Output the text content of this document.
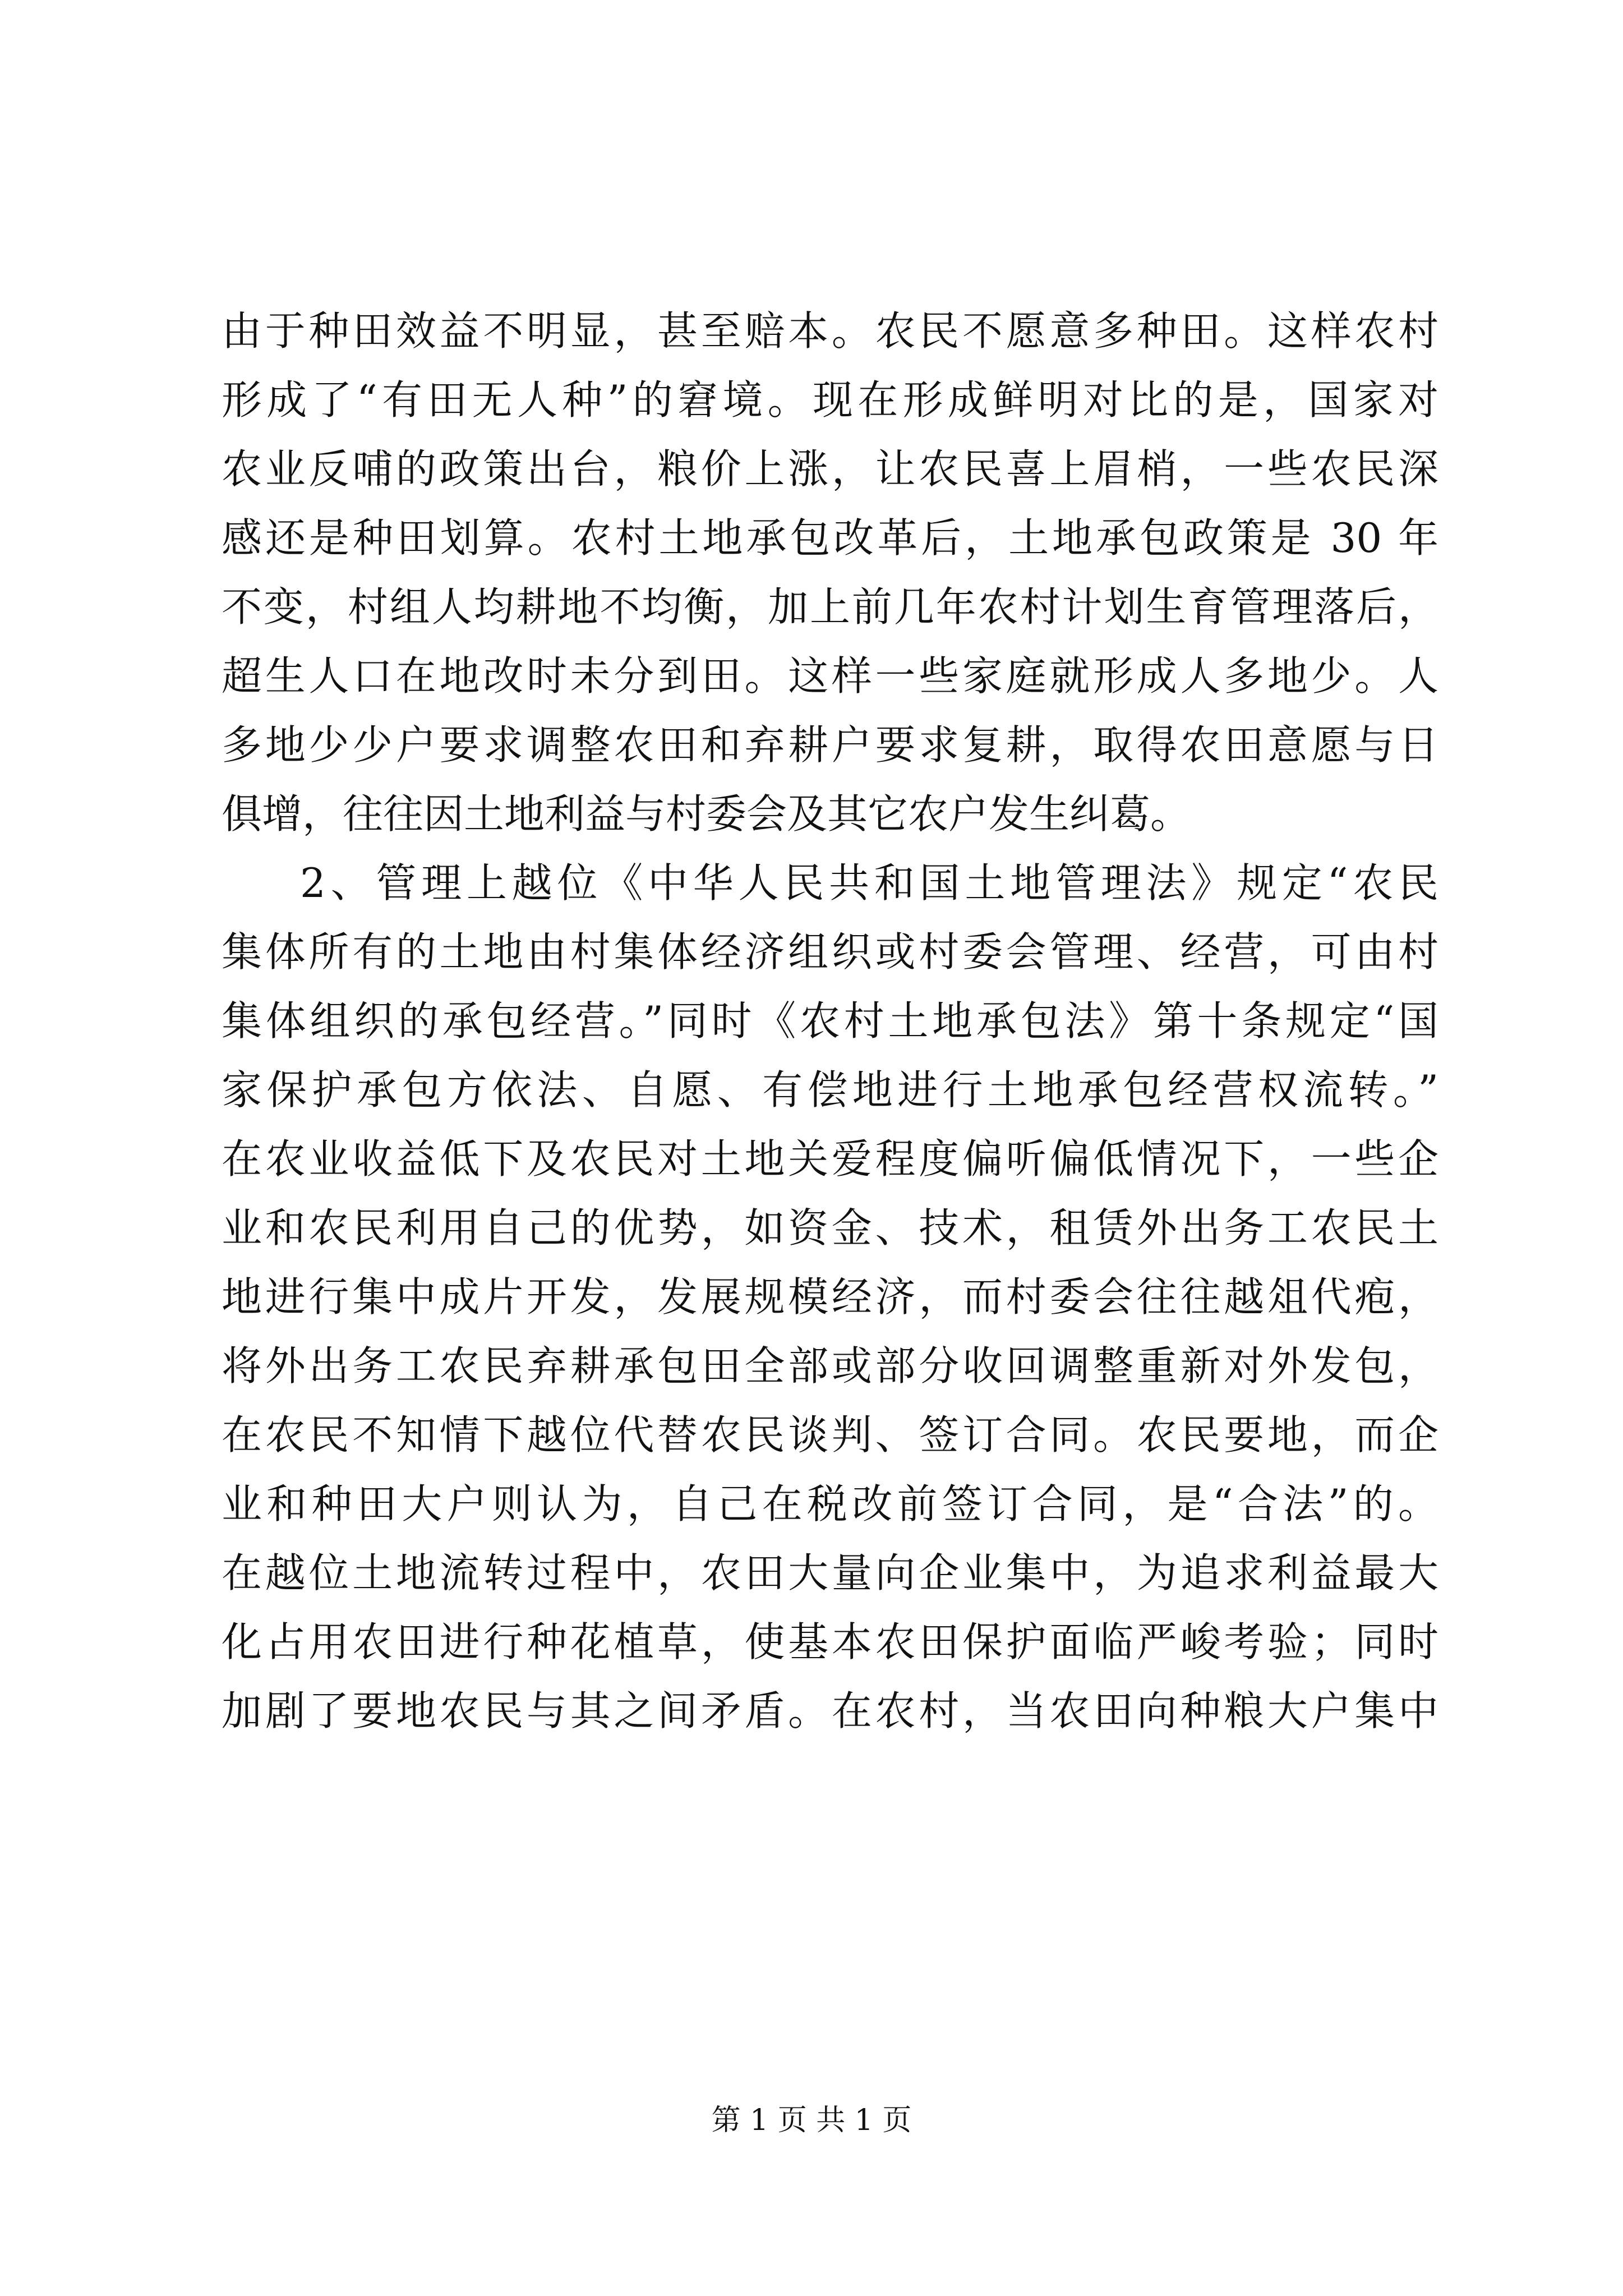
由于种田效益不明显，甚至赔本。农民不愿意多种田。这样农村
形成了“有田无人种”的窘境。现在形成鲜明对比的是，国家对
农业反哺的政策出台，粮价上涨，让农民喜上眉梢，一些农民深
感还是种田划算。农村土地承包改革后，土地承包政策是 30 年
不变，村组人均耕地不均衡，加上前几年农村计划生育管理落后，
超生人口在地改时未分到田。这样一些家庭就形成人多地少。人
多地少少户要求调整农田和弃耕户要求复耕，取得农田意愿与日
俱增，往往因土地利益与村委会及其它农户发生纠葛。
2、管理上越位《中华人民共和国土地管理法》规定“农民
集体所有的土地由村集体经济组织或村委会管理、经营，可由村
集体组织的承包经营。”同时《农村土地承包法》第十条规定“国
家保护承包方依法、自愿、有偿地进行土地承包经营权流转。”
在农业收益低下及农民对土地关爱程度偏听偏低情况下，一些企
业和农民利用自己的优势，如资金、技术，租赁外出务工农民土
地进行集中成片开发，发展规模经济，而村委会往往越俎代疱，
将外出务工农民弃耕承包田全部或部分收回调整重新对外发包，
在农民不知情下越位代替农民谈判、签订合同。农民要地，而企
业和种田大户则认为，自己在税改前签订合同，是“合法”的。
在越位土地流转过程中，农田大量向企业集中，为追求利益最大
化占用农田进行种花植草，使基本农田保护面临严峻考验；同时
加剧了要地农民与其之间矛盾。在农村，当农田向种粮大户集中
第 1 页 共 1 页
